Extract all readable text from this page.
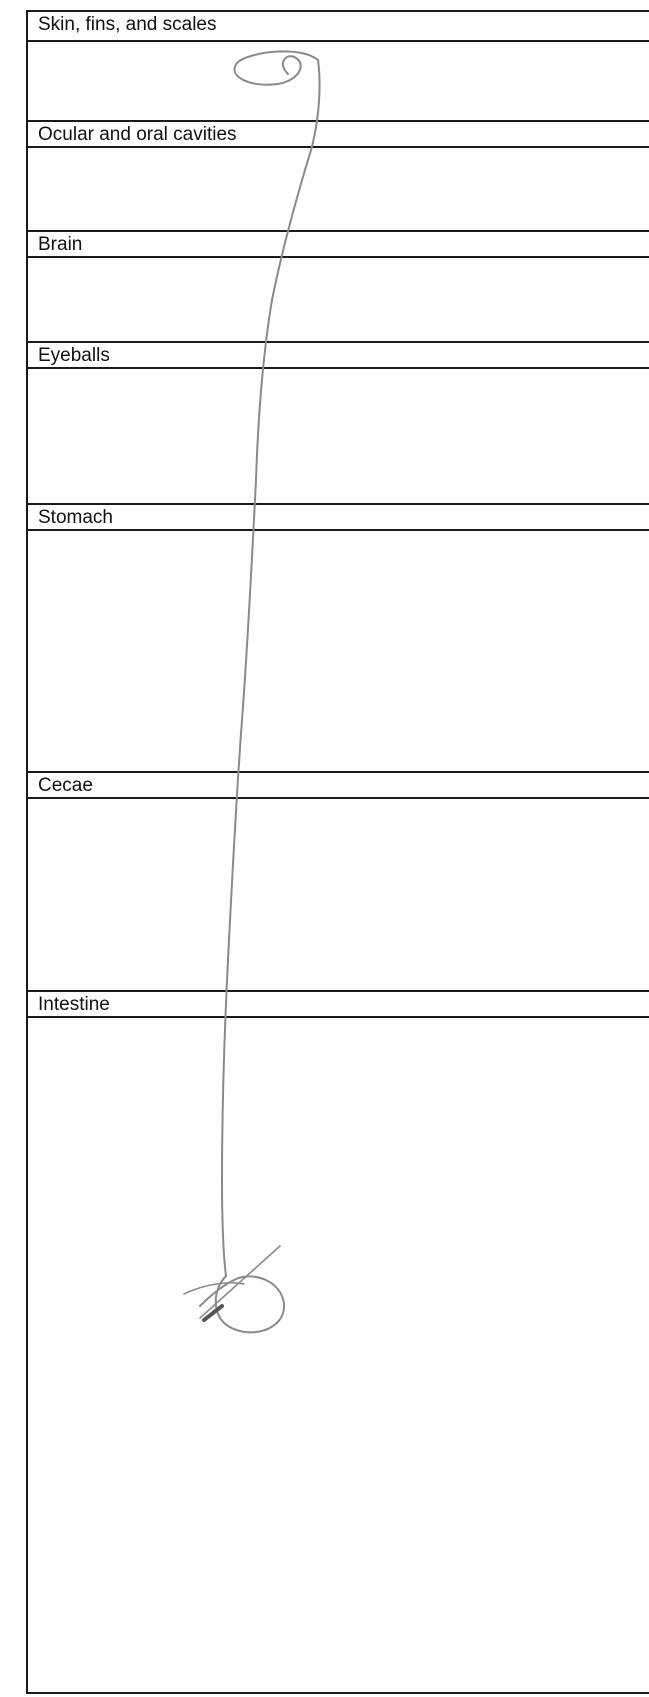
Skin, fins, and scales
Ocular and oral cavities
Brain
Eyeballs
Stomach
Cecae
Intestine
